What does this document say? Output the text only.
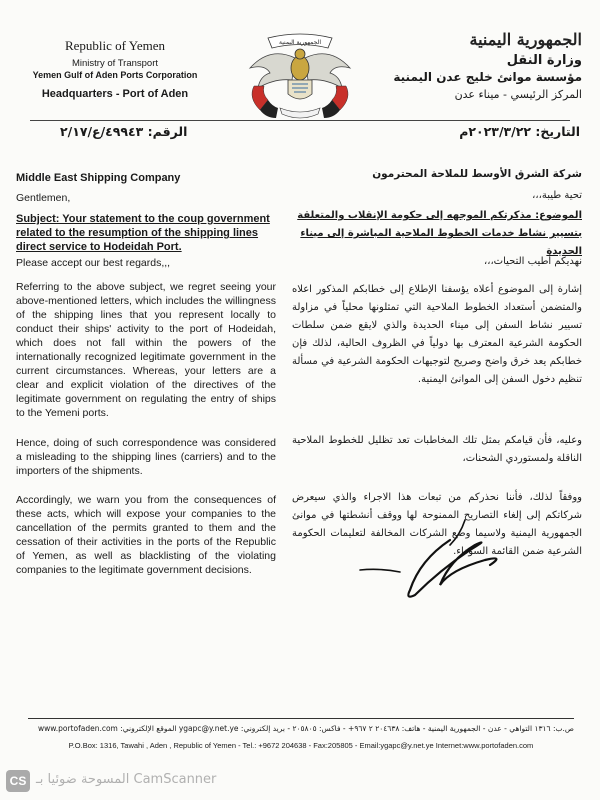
Republic of Yemen
Ministry of Transport
Yemen Gulf of Aden Ports Corporation
Headquarters - Port of Aden
الجمهورية اليمنية	الجمهورية اليمنية
وزارة النقل
مؤسسة موانئ خليج عدن اليمنية
المركز الرئيسي - ميناء عدن
التاريخ: ٢٠٢٣/٣/٢٢م
الرقم: ٤٩٩٤٣/ع/٢/١٧
Middle East Shipping Company
Gentlemen,
Subject: Your statement to the coup government related to the resumption of the shipping lines direct service to Hodeidah Port.
Please accept our best regards,,,
Referring to the above subject, we regret seeing your above-mentioned letters, which includes the willingness of the shipping lines that you represent locally to conduct their ships' activity to the port of Hodeidah, which does not fall within the powers of the internationally recognized legitimate government in the current circumstances. Whereas, your letters are a clear and explicit violation of the directives of the legitimate government on regulating the entry of ships to the Yemeni ports.
Hence, doing of such correspondence was considered a misleading to the shipping lines (carriers) and to the importers of the shipments.
Accordingly, we warn you from the consequences of these acts, which will expose your companies to the cancellation of the permits granted to them and the cessation of their activities in the ports of the Republic of Yemen, as well as blacklisting of the violating companies to the legitimate government decisions.
شركة الشرق الأوسط للملاحة المحترمون
تحية طيبة،،،
الموضوع: مذكرتكم الموجهه إلى حكومة الإنقلاب والمتعلقة بتسيير نشاط خدمات الخطوط الملاحية المباشرة إلى ميناء الحديدة
نهديكم أطيب التحيات،،،
إشارة إلى الموضوع أعلاه يؤسفنا الإطلاع إلى خطابكم المذكور اعلاه والمتضمن أستعداد الخطوط الملاحية التي تمثلونها محلياً في مزاولة تسيير نشاط السفن إلى ميناء الحديدة والذي لايقع ضمن سلطات الحكومة الشرعية المعترف بها دولياً في الظروف الحالية، لذلك فإن خطابكم يعد خرق واضح وصريح لتوجيهات الحكومة الشرعية في مسألة تنظيم دخول السفن إلى الموانئ اليمنية.
وعليه، فأن قيامكم بمثل تلك المخاطبات تعد تظليل للخطوط الملاحية الناقلة ولمستوردي الشحنات،
ووفقاً لذلك، فأننا نحذركم من تبعات هذا الاجراء والذي سيعرض شركاتكم إلى إلغاء التصاريح الممنوحة لها ووقف أنشطتها في موانئ الجمهورية اليمنية ولاسيما وضع الشركات المخالفة لتعليمات الحكومة الشرعية ضمن القائمة السوداء.
ص.ب: ١٣١٦ التواهي - عدن - الجمهورية اليمنية - هاتف: ٢٠٤٦٣٨ ٢ ٩٦٧+ - فاكس: ٢٠٥٨٠٥ - بريد إلكتروني: ygapc@y.net.ye الموقع الإلكتروني: www.portofaden.com
P.O.Box: 1316, Tawahi , Aden , Republic of Yemen - Tel.: +9672 204638 - Fax:205805 - Email:ygapc@y.net.ye Internet:www.portofaden.com
CS المسوحة ضوئيا بـ CamScanner
